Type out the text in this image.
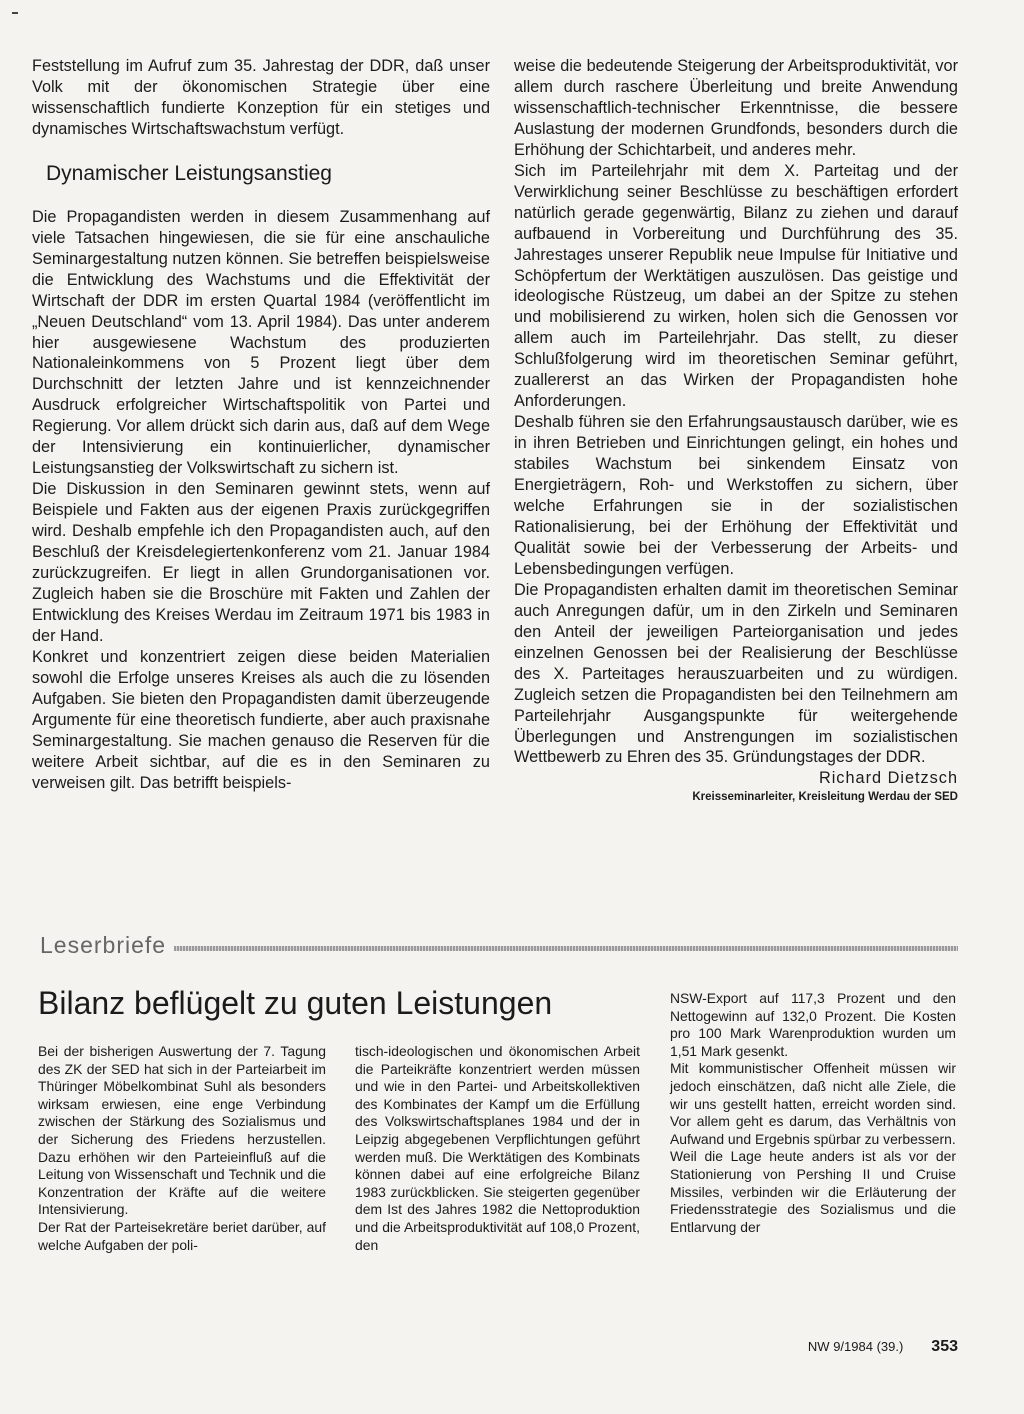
Feststellung im Aufruf zum 35. Jahrestag der DDR, daß unser Volk mit der ökonomischen Strategie über eine wissenschaftlich fundierte Konzeption für ein stetiges und dynamisches Wirtschaftswachstum verfügt.

Dynamischer Leistungsanstieg

Die Propagandisten werden in diesem Zusammenhang auf viele Tatsachen hingewiesen, die sie für eine anschauliche Seminargestaltung nutzen können. Sie betreffen beispielsweise die Entwicklung des Wachstums und die Effektivität der Wirtschaft der DDR im ersten Quartal 1984 (veröffentlicht im „Neuen Deutschland“ vom 13. April 1984). Das unter anderem hier ausgewiesene Wachstum des produzierten Nationaleinkommens von 5 Prozent liegt über dem Durchschnitt der letzten Jahre und ist kennzeichnender Ausdruck erfolgreicher Wirtschaftspolitik von Partei und Regierung. Vor allem drückt sich darin aus, daß auf dem Wege der Intensivierung ein kontinuierlicher, dynamischer Leistungsanstieg der Volkswirtschaft zu sichern ist.

Die Diskussion in den Seminaren gewinnt stets, wenn auf Beispiele und Fakten aus der eigenen Praxis zurückgegriffen wird. Deshalb empfehle ich den Propagandisten auch, auf den Beschluß der Kreisdelegiertenkonferenz vom 21. Januar 1984 zurückzugreifen. Er liegt in allen Grundorganisationen vor. Zugleich haben sie die Broschüre mit Fakten und Zahlen der Entwicklung des Kreises Werdau im Zeitraum 1971 bis 1983 in der Hand.

Konkret und konzentriert zeigen diese beiden Materialien sowohl die Erfolge unseres Kreises als auch die zu lösenden Aufgaben. Sie bieten den Propagandisten damit überzeugende Argumente für eine theoretisch fundierte, aber auch praxisnahe Seminargestaltung. Sie machen genauso die Reserven für die weitere Arbeit sichtbar, auf die es in den Seminaren zu verweisen gilt. Das betrifft beispiels-

weise die bedeutende Steigerung der Arbeitsproduktivität, vor allem durch raschere Überleitung und breite Anwendung wissenschaftlich-technischer Erkenntnisse, die bessere Auslastung der modernen Grundfonds, besonders durch die Erhöhung der Schichtarbeit, und anderes mehr.

Sich im Parteilehrjahr mit dem X. Parteitag und der Verwirklichung seiner Beschlüsse zu beschäftigen erfordert natürlich gerade gegenwärtig, Bilanz zu ziehen und darauf aufbauend in Vorbereitung und Durchführung des 35. Jahrestages unserer Republik neue Impulse für Initiative und Schöpfertum der Werktätigen auszulösen. Das geistige und ideologische Rüstzeug, um dabei an der Spitze zu stehen und mobilisierend zu wirken, holen sich die Genossen vor allem auch im Parteilehrjahr. Das stellt, zu dieser Schlußfolgerung wird im theoretischen Seminar geführt, zuallererst an das Wirken der Propagandisten hohe Anforderungen.

Deshalb führen sie den Erfahrungsaustausch darüber, wie es in ihren Betrieben und Einrichtungen gelingt, ein hohes und stabiles Wachstum bei sinkendem Einsatz von Energieträgern, Roh- und Werkstoffen zu sichern, über welche Erfahrungen sie in der sozialistischen Rationalisierung, bei der Erhöhung der Effektivität und Qualität sowie bei der Verbesserung der Arbeits- und Lebensbedingungen verfügen.

Die Propagandisten erhalten damit im theoretischen Seminar auch Anregungen dafür, um in den Zirkeln und Seminaren den Anteil der jeweiligen Parteiorganisation und jedes einzelnen Genossen bei der Realisierung der Beschlüsse des X. Parteitages herauszuarbeiten und zu würdigen. Zugleich setzen die Propagandisten bei den Teilnehmern am Parteilehrjahr Ausgangspunkte für weitergehende Überlegungen und Anstrengungen im sozialistischen Wettbewerb zu Ehren des 35. Gründungstages der DDR.

Richard Dietzsch

Kreisseminarleiter, Kreisleitung Werdau der SED

Leserbriefe
Bilanz beflügelt zu guten Leistungen

Bei der bisherigen Auswertung der 7. Tagung des ZK der SED hat sich in der Parteiarbeit im Thüringer Möbelkombinat Suhl als besonders wirksam erwiesen, eine enge Verbindung zwischen der Stärkung des Sozialismus und der Sicherung des Friedens herzustellen. Dazu erhöhen wir den Parteieinfluß auf die Leitung von Wissenschaft und Technik und die Konzentration der Kräfte auf die weitere Intensivierung.

Der Rat der Parteisekretäre beriet darüber, auf welche Aufgaben der poli-

tisch-ideologischen und ökonomischen Arbeit die Parteikräfte konzentriert werden müssen und wie in den Partei- und Arbeitskollektiven des Kombinates der Kampf um die Erfüllung des Volkswirtschaftsplanes 1984 und der in Leipzig abgegebenen Verpflichtungen geführt werden muß. Die Werktätigen des Kombinats können dabei auf eine erfolgreiche Bilanz 1983 zurückblicken. Sie steigerten gegenüber dem Ist des Jahres 1982 die Nettoproduktion und die Arbeitsproduktivität auf 108,0 Prozent, den

NSW-Export auf 117,3 Prozent und den Nettogewinn auf 132,0 Prozent. Die Kosten pro 100 Mark Warenproduktion wurden um 1,51 Mark gesenkt.

Mit kommunistischer Offenheit müssen wir jedoch einschätzen, daß nicht alle Ziele, die wir uns gestellt hatten, erreicht worden sind. Vor allem geht es darum, das Verhältnis von Aufwand und Ergebnis spürbar zu verbessern.

Weil die Lage heute anders ist als vor der Stationierung von Pershing II und Cruise Missiles, verbinden wir die Erläuterung der Friedensstrategie des Sozialismus und die Entlarvung der

NW 9/1984 (39.) 353
